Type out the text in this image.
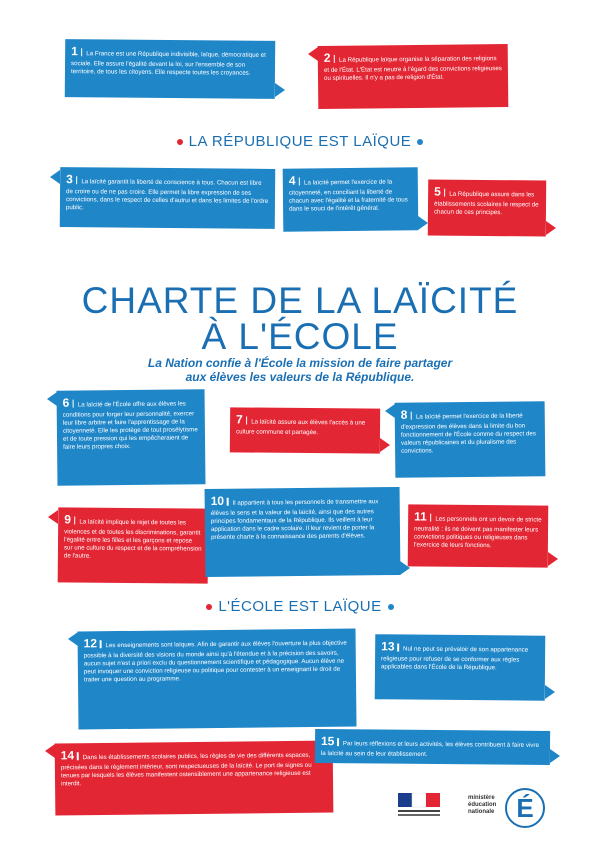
LA RÉPUBLIQUE EST LAÏQUE
CHARTE DE LA LAÏCITÉ
À L'ÉCOLE
La Nation confie à l'École la mission de faire partager
aux élèves les valeurs de la République.
L'ÉCOLE EST LAÏQUE
1 La France est une République indivisible, laïque, démocratique et sociale. Elle assure l'égalité devant la loi, sur l'ensemble de son territoire, de tous les citoyens. Elle respecte toutes les croyances.
2 La République laïque organise la séparation des religions et de l'État. L'État est neutre à l'égard des convictions religieuses ou spirituelles. Il n'y a pas de religion d'État.
3 La laïcité garantit la liberté de conscience à tous. Chacun est libre de croire ou de ne pas croire. Elle permet la libre expression de ses convictions, dans le respect de celles d'autrui et dans les limites de l'ordre public.
4 La laïcité permet l'exercice de la citoyenneté, en conciliant la liberté de chacun avec l'égalité et la fraternité de tous dans le souci de l'intérêt général.
5 La République assure dans les établissements scolaires le respect de chacun de ces principes.
6 La laïcité de l'École offre aux élèves les conditions pour forger leur personnalité, exercer leur libre arbitre et faire l'apprentissage de la citoyenneté. Elle les protège de tout prosélytisme et de toute pression qui les empêcheraient de faire leurs propres choix.
7 La laïcité assure aux élèves l'accès à une culture commune et partagée.
8 La laïcité permet l'exercice de la liberté d'expression des élèves dans la limite du bon fonctionnement de l'École comme du respect des valeurs républicaines et du pluralisme des convictions.
9 La laïcité implique le rejet de toutes les violences et de toutes les discriminations, garantit l'égalité entre les filles et les garçons et repose sur une culture du respect et de la compréhension de l'autre.
10 Il appartient à tous les personnels de transmettre aux élèves le sens et la valeur de la laïcité, ainsi que des autres principes fondamentaux de la République. Ils veillent à leur application dans le cadre scolaire. Il leur revient de porter la présente charte à la connaissance des parents d'élèves.
11 Les personnels ont un devoir de stricte neutralité : ils ne doivent pas manifester leurs convictions politiques ou religieuses dans l'exercice de leurs fonctions.
12 Les enseignements sont laïques. Afin de garantir aux élèves l'ouverture la plus objective possible à la diversité des visions du monde ainsi qu'à l'étendue et à la précision des savoirs, aucun sujet n'est a priori exclu du questionnement scientifique et pédagogique. Aucun élève ne peut invoquer une conviction religieuse ou politique pour contester à un enseignant le droit de traiter une question au programme.
13 Nul ne peut se prévaloir de son appartenance religieuse pour refuser de se conformer aux règles applicables dans l'École de la République.
14 Dans les établissements scolaires publics, les règles de vie des différents espaces, précisées dans le règlement intérieur, sont respectueuses de la laïcité. Le port de signes ou tenues par lesquels les élèves manifestent ostensiblement une appartenance religieuse est interdit.
15 Par leurs réflexions et leurs activités, les élèves contribuent à faire vivre la laïcité au sein de leur établissement.
ministère éducation nationale É
